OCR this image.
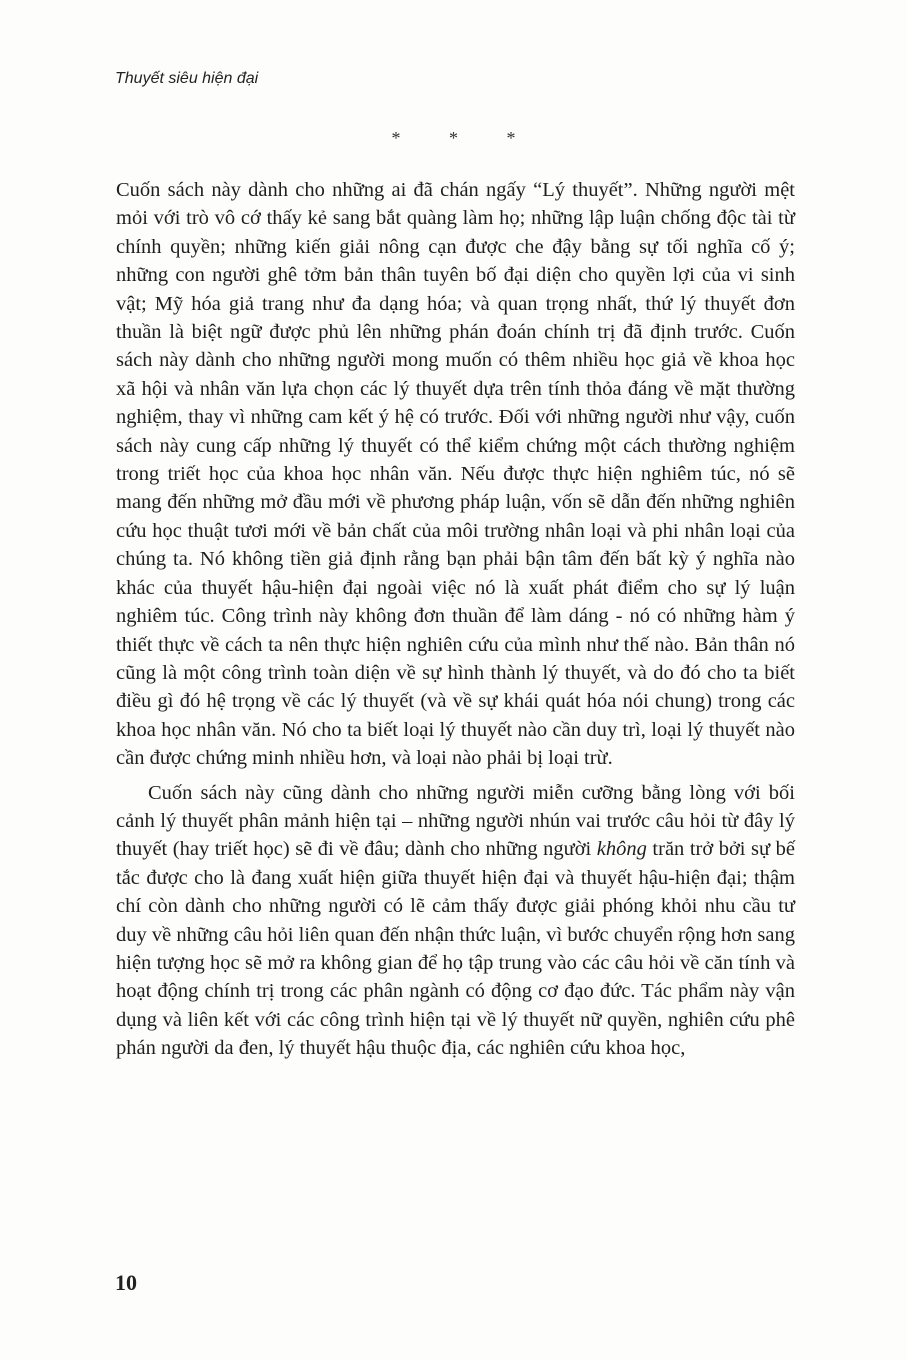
Thuyết siêu hiện đại
* * *

Cuốn sách này dành cho những ai đã chán ngấy “Lý thuyết”. Những người mệt mỏi với trò vô cớ thấy kẻ sang bắt quàng làm họ; những lập luận chống độc tài từ chính quyền; những kiến giải nông cạn được che đậy bằng sự tối nghĩa cố ý; những con người ghê tởm bản thân tuyên bố đại diện cho quyền lợi của vi sinh vật; Mỹ hóa giả trang như đa dạng hóa; và quan trọng nhất, thứ lý thuyết đơn thuần là biệt ngữ được phủ lên những phán đoán chính trị đã định trước. Cuốn sách này dành cho những người mong muốn có thêm nhiều học giả về khoa học xã hội và nhân văn lựa chọn các lý thuyết dựa trên tính thỏa đáng về mặt thường nghiệm, thay vì những cam kết ý hệ có trước. Đối với những người như vậy, cuốn sách này cung cấp những lý thuyết có thể kiểm chứng một cách thường nghiệm trong triết học của khoa học nhân văn. Nếu được thực hiện nghiêm túc, nó sẽ mang đến những mở đầu mới về phương pháp luận, vốn sẽ dẫn đến những nghiên cứu học thuật tươi mới về bản chất của môi trường nhân loại và phi nhân loại của chúng ta. Nó không tiền giả định rằng bạn phải bận tâm đến bất kỳ ý nghĩa nào khác của thuyết hậu-hiện đại ngoài việc nó là xuất phát điểm cho sự lý luận nghiêm túc. Công trình này không đơn thuần để làm dáng - nó có những hàm ý thiết thực về cách ta nên thực hiện nghiên cứu của mình như thế nào. Bản thân nó cũng là một công trình toàn diện về sự hình thành lý thuyết, và do đó cho ta biết điều gì đó hệ trọng về các lý thuyết (và về sự khái quát hóa nói chung) trong các khoa học nhân văn. Nó cho ta biết loại lý thuyết nào cần duy trì, loại lý thuyết nào cần được chứng minh nhiều hơn, và loại nào phải bị loại trừ.

Cuốn sách này cũng dành cho những người miễn cưỡng bằng lòng với bối cảnh lý thuyết phân mảnh hiện tại – những người nhún vai trước câu hỏi từ đây lý thuyết (hay triết học) sẽ đi về đâu; dành cho những người không trăn trở bởi sự bế tắc được cho là đang xuất hiện giữa thuyết hiện đại và thuyết hậu-hiện đại; thậm chí còn dành cho những người có lẽ cảm thấy được giải phóng khỏi nhu cầu tư duy về những câu hỏi liên quan đến nhận thức luận, vì bước chuyển rộng hơn sang hiện tượng học sẽ mở ra không gian để họ tập trung vào các câu hỏi về căn tính và hoạt động chính trị trong các phân ngành có động cơ đạo đức. Tác phẩm này vận dụng và liên kết với các công trình hiện tại về lý thuyết nữ quyền, nghiên cứu phê phán người da đen, lý thuyết hậu thuộc địa, các nghiên cứu khoa học,

10
